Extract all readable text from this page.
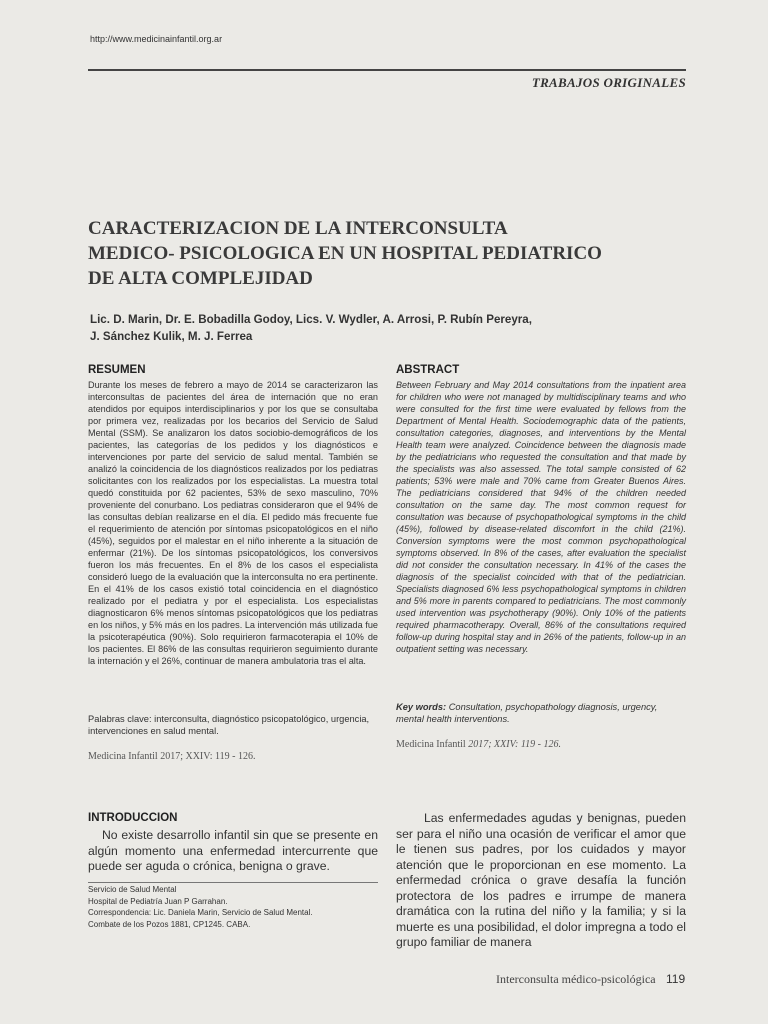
http://www.medicinainfantil.org.ar
TRABAJOS ORIGINALES
CARACTERIZACION DE LA INTERCONSULTA
MEDICO- PSICOLOGICA EN UN HOSPITAL PEDIATRICO
DE ALTA COMPLEJIDAD
Lic. D. Marin, Dr. E. Bobadilla Godoy, Lics. V. Wydler, A. Arrosi, P. Rubín Pereyra,
J. Sánchez Kulik, M. J. Ferrea
RESUMEN
Durante los meses de febrero a mayo de 2014 se caracterizaron las interconsultas de pacientes del área de internación que no eran atendidos por equipos interdisciplinarios y por los que se consultaba por primera vez, realizadas por los becarios del Servicio de Salud Mental (SSM). Se analizaron los datos sociobio-demográficos de los pacientes, las categorías de los pedidos y los diagnósticos e intervenciones por parte del servicio de salud mental. También se analizó la coincidencia de los diagnósticos realizados por los pediatras solicitantes con los realizados por los especialistas. La muestra total quedó constituida por 62 pacientes, 53% de sexo masculino, 70% proveniente del conurbano. Los pediatras consideraron que el 94% de las consultas debían realizarse en el día. El pedido más frecuente fue el requerimiento de atención por síntomas psicopatológicos en el niño (45%), seguidos por el malestar en el niño inherente a la situación de enfermar (21%). De los síntomas psicopatológicos, los conversivos fueron los más frecuentes. En el 8% de los casos el especialista consideró luego de la evaluación que la interconsulta no era pertinente. En el 41% de los casos existió total coincidencia en el diagnóstico realizado por el pediatra y por el especialista. Los especialistas diagnosticaron 6% menos síntomas psicopatológicos que los pediatras en los niños, y 5% más en los padres. La intervención más utilizada fue la psicoterapéutica (90%). Solo requirieron farmacoterapia el 10% de los pacientes. El 86% de las consultas requirieron seguimiento durante la internación y el 26%, continuar de manera ambulatoria tras el alta.
Palabras clave: interconsulta, diagnóstico psicopatológico, urgencia, intervenciones en salud mental.
Medicina Infantil 2017; XXIV: 119 - 126.
ABSTRACT
Between February and May 2014 consultations from the inpatient area for children who were not managed by multidisciplinary teams and who were consulted for the first time were evaluated by fellows from the Department of Mental Health. Sociodemographic data of the patients, consultation categories, diagnoses, and interventions by the Mental Health team were analyzed. Coincidence between the diagnosis made by the pediatricians who requested the consultation and that made by the specialists was also assessed. The total sample consisted of 62 patients; 53% were male and 70% came from Greater Buenos Aires. The pediatricians considered that 94% of the children needed consultation on the same day. The most common request for consultation was because of psychopathological symptoms in the child (45%), followed by disease-related discomfort in the child (21%). Conversion symptoms were the most common psychopathological symptoms observed. In 8% of the cases, after evaluation the specialist did not consider the consultation necessary. In 41% of the cases the diagnosis of the specialist coincided with that of the pediatrician. Specialists diagnosed 6% less psychopathological symptoms in children and 5% more in parents compared to pediatricians. The most commonly used intervention was psychotherapy (90%). Only 10% of the patients required pharmacotherapy. Overall, 86% of the consultations required follow-up during hospital stay and in 26% of the patients, follow-up in an outpatient setting was necessary.
Key words: Consultation, psychopathology diagnosis, urgency, mental health interventions.
Medicina Infantil 2017; XXIV: 119 - 126.
INTRODUCCION
No existe desarrollo infantil sin que se presente en algún momento una enfermedad intercurrente que puede ser aguda o crónica, benigna o grave.
Las enfermedades agudas y benignas, pueden ser para el niño una ocasión de verificar el amor que le tienen sus padres, por los cuidados y mayor atención que le proporcionan en ese momento. La enfermedad crónica o grave desafía la función protectora de los padres e irrumpe de manera dramática con la rutina del niño y la familia; y si la muerte es una posibilidad, el dolor impregna a todo el grupo familiar de manera
Servicio de Salud Mental
Hospital de Pediatría Juan P Garrahan.
Correspondencia: Lic. Daniela Marin, Servicio de Salud Mental.
Combate de los Pozos 1881, CP1245. CABA.
Interconsulta médico-psicológica 119
